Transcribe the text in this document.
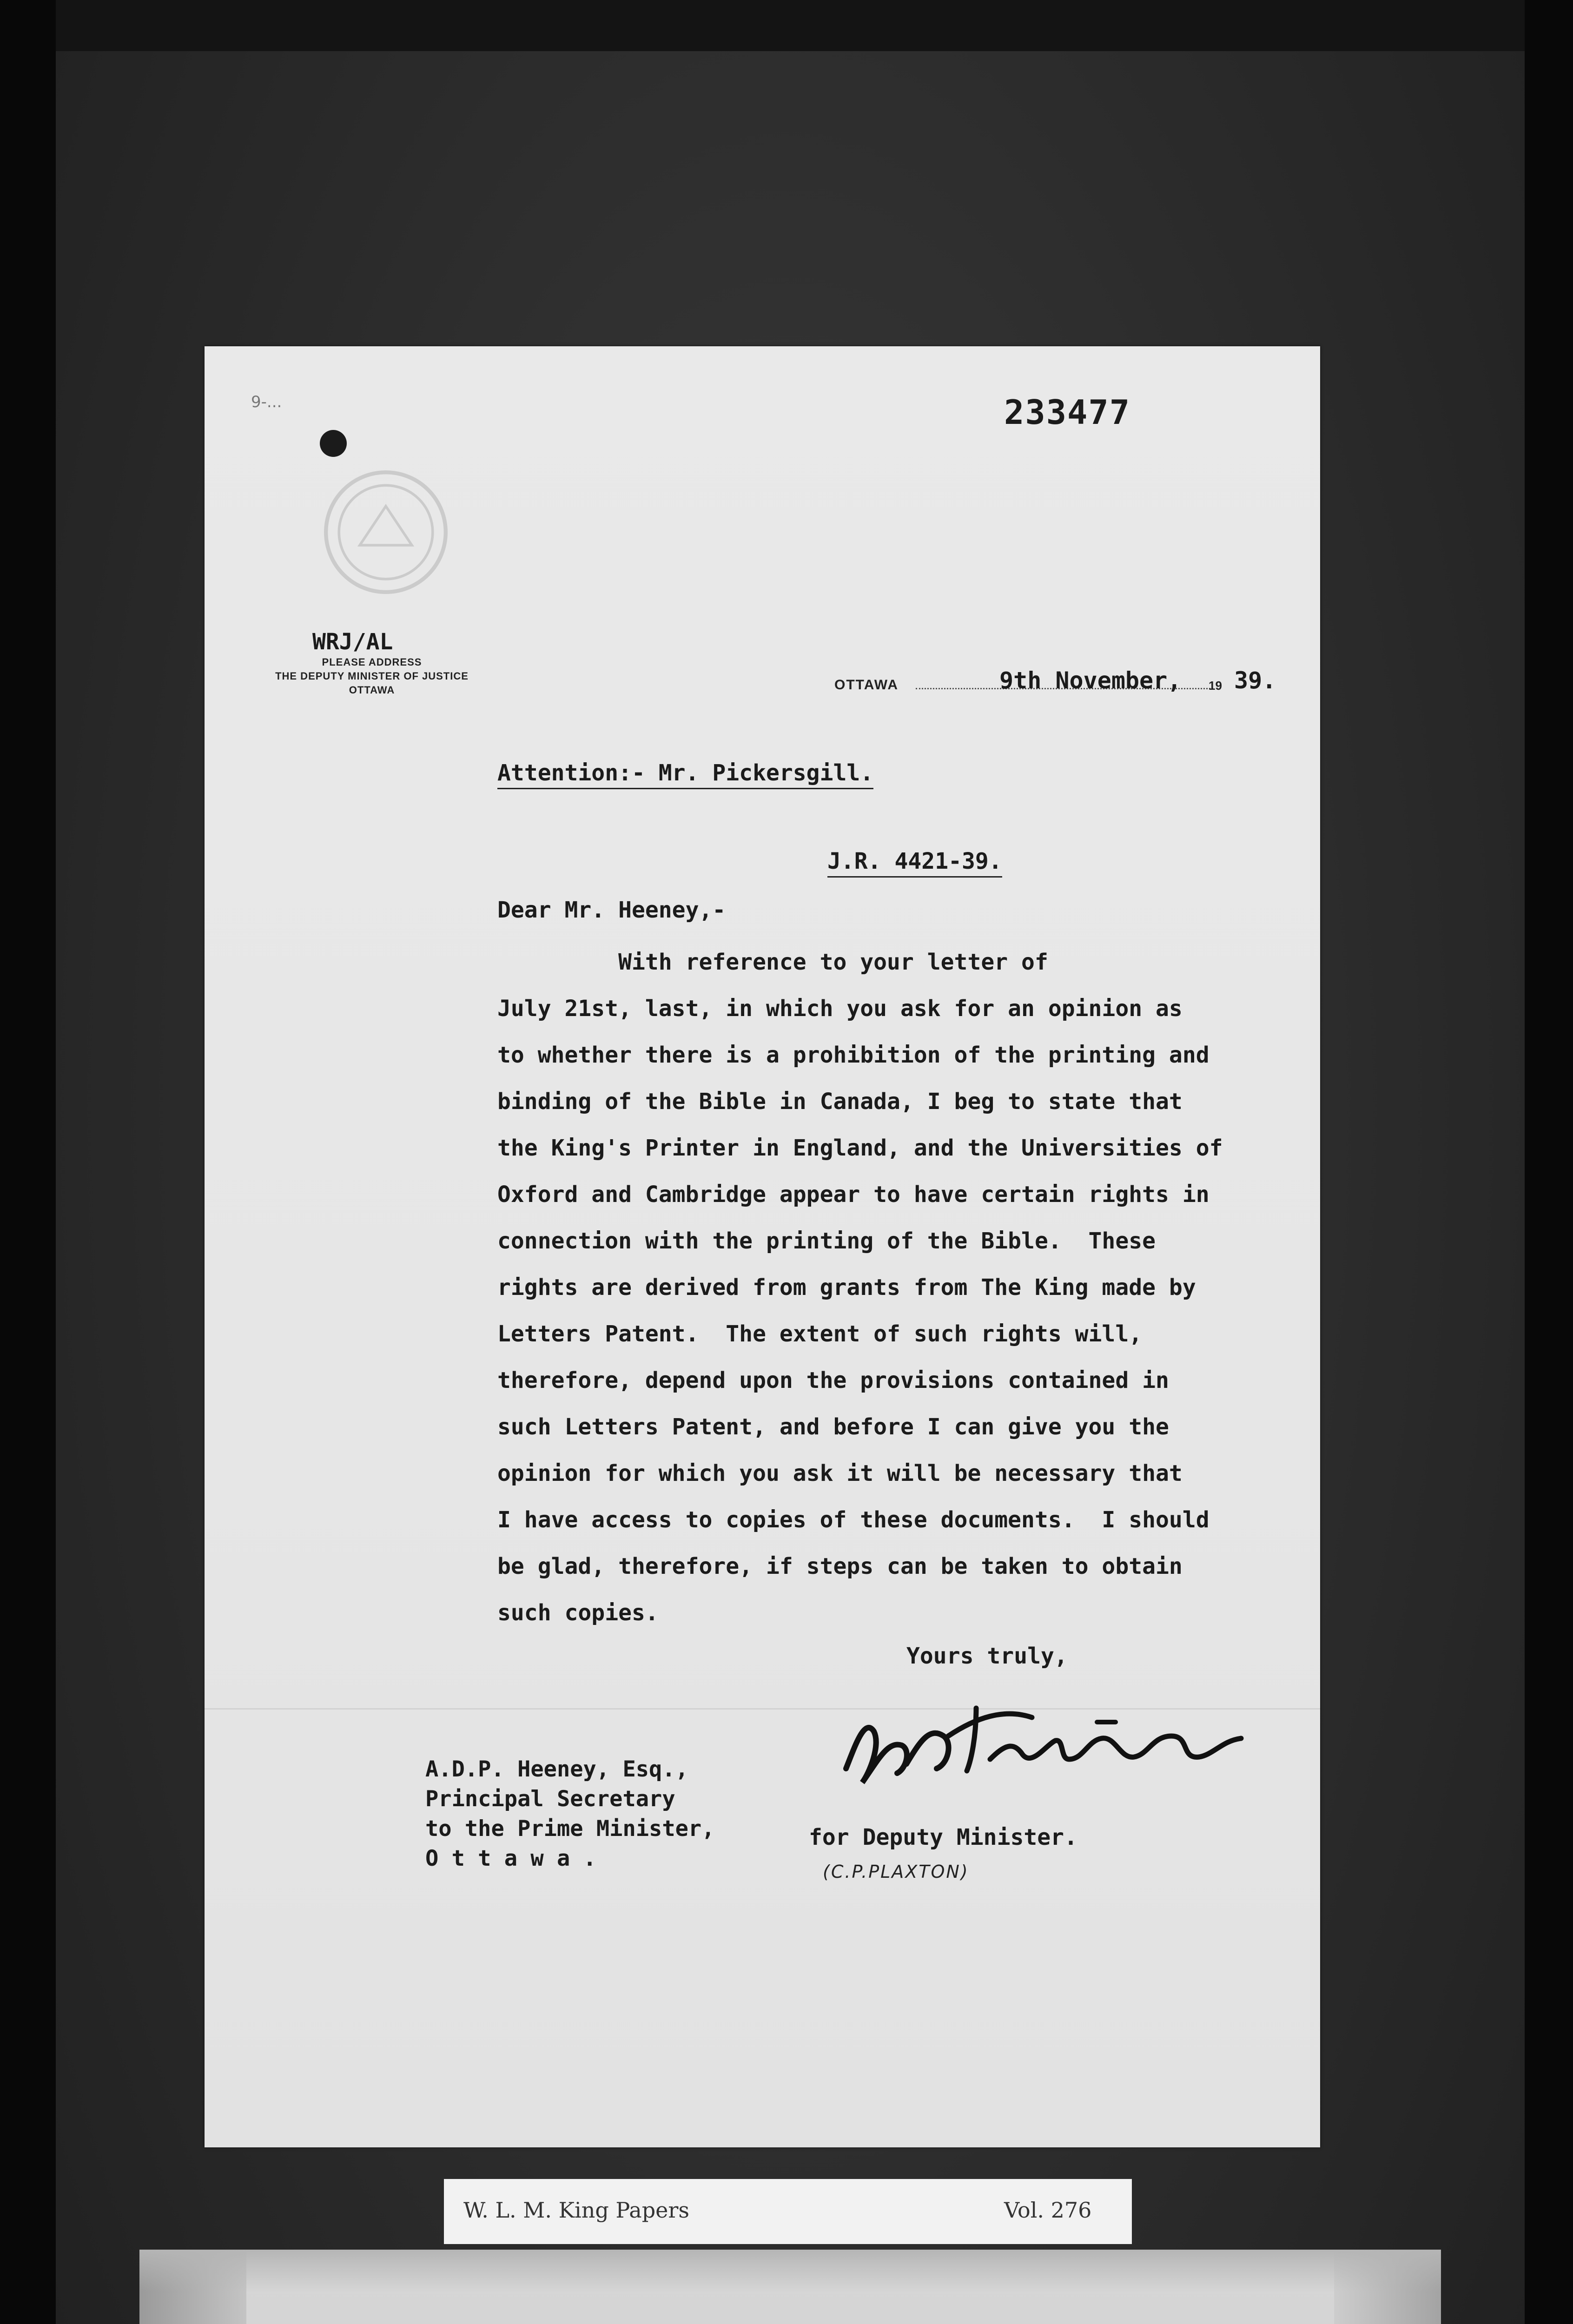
9-...	233477
WRJ/AL
PLEASE ADDRESS
THE DEPUTY MINISTER OF JUSTICE
OTTAWA	OTTAWA	9th November, 19 39.
Attention:- Mr. Pickersgill.
J.R. 4421-39.
Dear Mr. Heeney,-
With reference to your letter of
July 21st, last, in which you ask for an opinion as
to whether there is a prohibition of the printing and
binding of the Bible in Canada, I beg to state that
the King's Printer in England, and the Universities of
Oxford and Cambridge appear to have certain rights in
connection with the printing of the Bible.  These
rights are derived from grants from The King made by
Letters Patent.  The extent of such rights will,
therefore, depend upon the provisions contained in
such Letters Patent, and before I can give you the
opinion for which you ask it will be necessary that
I have access to copies of these documents.  I should
be glad, therefore, if steps can be taken to obtain
such copies.
Yours truly,
A.D.P. Heeney, Esq.,
Principal Secretary
to the Prime Minister,
O t t a w a .
for Deputy Minister.
(C.P.PLAXTON)
W. L. M. King Papers	Vol. 276
